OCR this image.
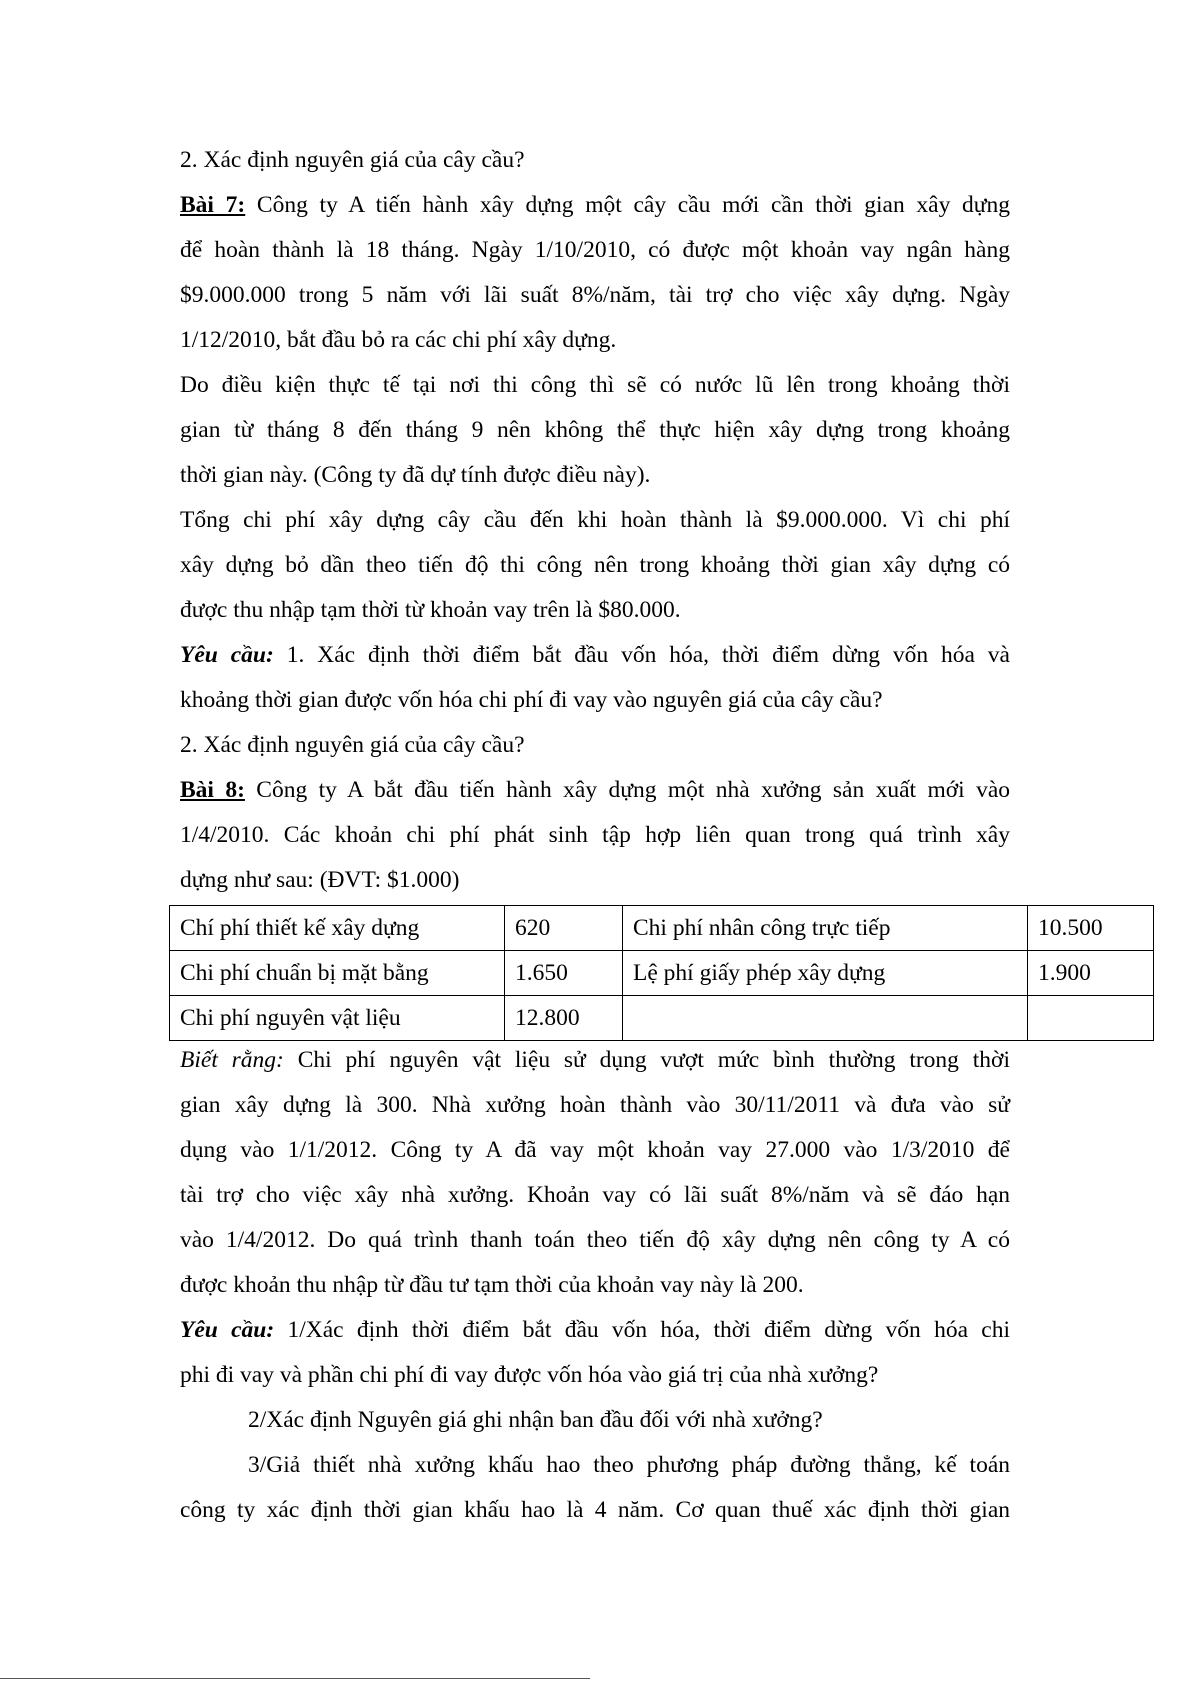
2. Xác định nguyên giá của cây cầu?
Bài 7: Công ty A tiến hành xây dựng một cây cầu mới cần thời gian xây dựng
để hoàn thành là 18 tháng. Ngày 1/10/2010, có được một khoản vay ngân hàng
$9.000.000 trong 5 năm với lãi suất 8%/năm, tài trợ cho việc xây dựng. Ngày
1/12/2010, bắt đầu bỏ ra các chi phí xây dựng.
Do điều kiện thực tế tại nơi thi công thì sẽ có nước lũ lên trong khoảng thời
gian từ tháng 8 đến tháng 9 nên không thể thực hiện xây dựng trong khoảng
thời gian này. (Công ty đã dự tính được điều này).
Tổng chi phí xây dựng cây cầu đến khi hoàn thành là $9.000.000. Vì chi phí
xây dựng bỏ dần theo tiến độ thi công nên trong khoảng thời gian xây dựng có
được thu nhập tạm thời từ khoản vay trên là $80.000.
Yêu cầu: 1. Xác định thời điểm bắt đầu vốn hóa, thời điểm dừng vốn hóa và
khoảng thời gian được vốn hóa chi phí đi vay vào nguyên giá của cây cầu?
2. Xác định nguyên giá của cây cầu?
Bài 8: Công ty A bắt đầu tiến hành xây dựng một nhà xưởng sản xuất mới vào
1/4/2010. Các khoản chi phí phát sinh tập hợp liên quan trong quá trình xây
dựng như sau: (ĐVT: $1.000)
Chí phí thiết kế xây dựng	620	Chi phí nhân công trực tiếp	10.500
Chi phí chuẩn bị mặt bằng	1.650	Lệ phí giấy phép xây dựng	1.900
Chi phí nguyên vật liệu	12.800		
Biết rằng: Chi phí nguyên vật liệu sử dụng vượt mức bình thường trong thời
gian xây dựng là 300. Nhà xưởng hoàn thành vào 30/11/2011 và đưa vào sử
dụng vào 1/1/2012. Công ty A đã vay một khoản vay 27.000 vào 1/3/2010 để
tài trợ cho việc xây nhà xưởng. Khoản vay có lãi suất 8%/năm và sẽ đáo hạn
vào 1/4/2012. Do quá trình thanh toán theo tiến độ xây dựng nên công ty A có
được khoản thu nhập từ đầu tư tạm thời của khoản vay này là 200.
Yêu cầu: 1/Xác định thời điểm bắt đầu vốn hóa, thời điểm dừng vốn hóa chi
phi đi vay và phần chi phí đi vay được vốn hóa vào giá trị của nhà xưởng?
2/Xác định Nguyên giá ghi nhận ban đầu đối với nhà xưởng?
3/Giả thiết nhà xưởng khấu hao theo phương pháp đường thẳng, kế toán
công ty xác định thời gian khấu hao là 4 năm. Cơ quan thuế xác định thời gian
